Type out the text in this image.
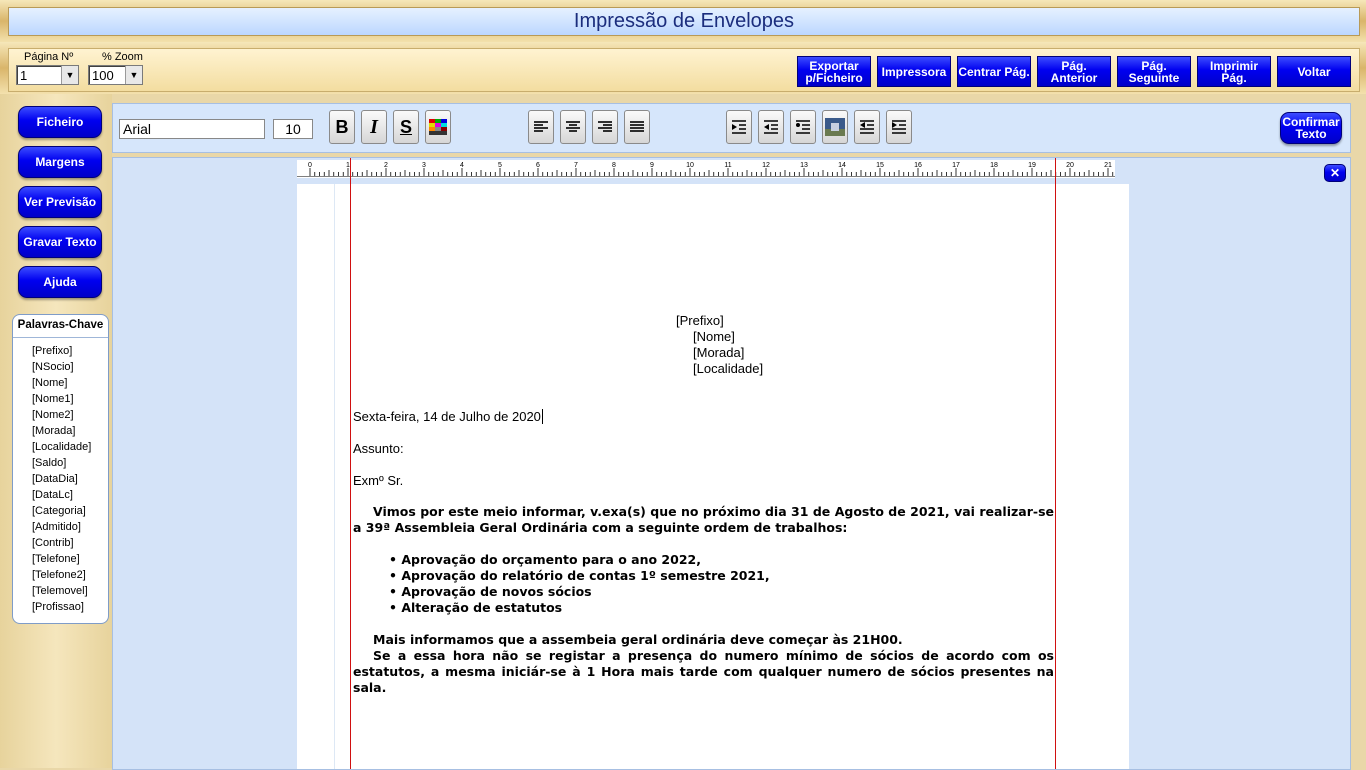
Impressão de Envelopes
Página Nº
1	▼
% Zoom
100	▼
Exportar p/Ficheiro	Impressora Centrar Pág.	Pág. Anterior
Pág. Seguinte
Imprimir Pág.	Voltar
Ficheiro
Margens
Ver Previsão
Gravar Texto
Ajuda
Palavras-Chave
[Prefixo]
[NSocio]
[Nome]
[Nome1]
[Nome2]
[Morada]
[Localidade]
[Saldo]
[DataDia]
[DataLc]
[Categoria]
[Admitido]
[Contrib]
[Telefone]
[Telefone2]
[Telemovel]
[Profissao]
Arial	10	B	I	S	Confirmar Texto
0	1	2	3	4	5	6	7	8	9	10	11	12	13	14	15	16	17	18	19	20	21
✕
[Prefixo]
[Nome]
[Morada]
[Localidade]
Sexta-feira, 14 de Julho de 2020
Assunto:
Exmº Sr.
Vimos por este meio informar, v.exa(s) que no próximo dia 31 de Agosto de 2021, vai realizar-se a 39ª Assembleia Geral Ordinária com a seguinte ordem de trabalhos:
• Aprovação do orçamento para o ano 2022,
• Aprovação do relatório de contas 1º semestre 2021,
• Aprovação de novos sócios
• Alteração de estatutos
Mais informamos que a assembeia geral ordinária deve começar às 21H00.
Se a essa hora não se registar a presença do numero mínimo de sócios de acordo com os estatutos, a mesma iniciár-se à 1 Hora mais tarde com qualquer numero de sócios presentes na sala.
